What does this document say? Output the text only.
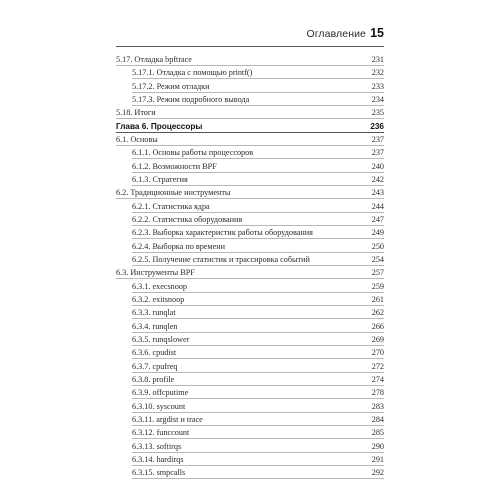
Оглавление 15
5.17. Отладка bpftrace	231
5.17.1. Отладка с помощью printf()	232
5.17.2. Режим отладки	233
5.17.3. Режим подробного вывода	234
5.18. Итоги	235
Глава 6. Процессоры	236
6.1. Основы	237
6.1.1. Основы работы процессоров	237
6.1.2. Возможности BPF	240
6.1.3. Стратегия	242
6.2. Традиционные инструменты	243
6.2.1. Статистика ядра	244
6.2.2. Статистика оборудования	247
6.2.3. Выборка характеристик работы оборудования	249
6.2.4. Выборка по времени	250
6.2.5. Получение статистик и трассировка событий	254
6.3. Инструменты BPF	257
6.3.1. execsnoop	259
6.3.2. exitsnoop	261
6.3.3. runqlat	262
6.3.4. runqlen	266
6.3.5. runqslower	269
6.3.6. cpudist	270
6.3.7. cpufreq	272
6.3.8. profile	274
6.3.9. offcputime	278
6.3.10. syscount	283
6.3.11. argdist и trace	284
6.3.12. funccount	285
6.3.13. softirqs	290
6.3.14. hardirqs	291
6.3.15. smpcalls	292
